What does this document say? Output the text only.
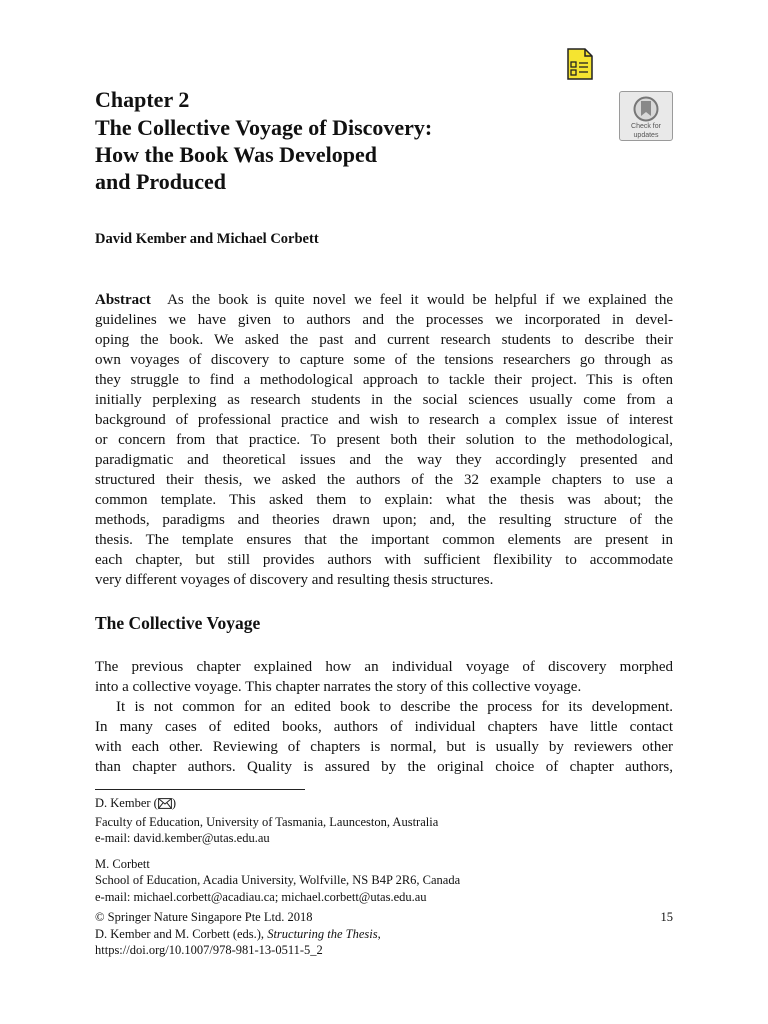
Check for
updates
Chapter 2
The Collective Voyage of Discovery:
How the Book Was Developed
and Produced
David Kember and Michael Corbett
Abstract As the book is quite novel we feel it would be helpful if we explained the
guidelines we have given to authors and the processes we incorporated in devel-
oping the book. We asked the past and current research students to describe their
own voyages of discovery to capture some of the tensions researchers go through as
they struggle to find a methodological approach to tackle their project. This is often
initially perplexing as research students in the social sciences usually come from a
background of professional practice and wish to research a complex issue of interest
or concern from that practice. To present both their solution to the methodological,
paradigmatic and theoretical issues and the way they accordingly presented and
structured their thesis, we asked the authors of the 32 example chapters to use a
common template. This asked them to explain: what the thesis was about; the
methods, paradigms and theories drawn upon; and, the resulting structure of the
thesis. The template ensures that the important common elements are present in
each chapter, but still provides authors with sufficient flexibility to accommodate
very different voyages of discovery and resulting thesis structures.
The Collective Voyage
The previous chapter explained how an individual voyage of discovery morphed
into a collective voyage. This chapter narrates the story of this collective voyage.
It is not common for an edited book to describe the process for its development.
In many cases of edited books, authors of individual chapters have little contact
with each other. Reviewing of chapters is normal, but is usually by reviewers other
than chapter authors. Quality is assured by the original choice of chapter authors,
D. Kember ( )
Faculty of Education, University of Tasmania, Launceston, Australia
e-mail: david.kember@utas.edu.au
M. Corbett
School of Education, Acadia University, Wolfville, NS B4P 2R6, Canada
e-mail: michael.corbett@acadiau.ca; michael.corbett@utas.edu.au
© Springer Nature Singapore Pte Ltd. 2018
D. Kember and M. Corbett (eds.), Structuring the Thesis,
https://doi.org/10.1007/978-981-13-0511-5_2
15
